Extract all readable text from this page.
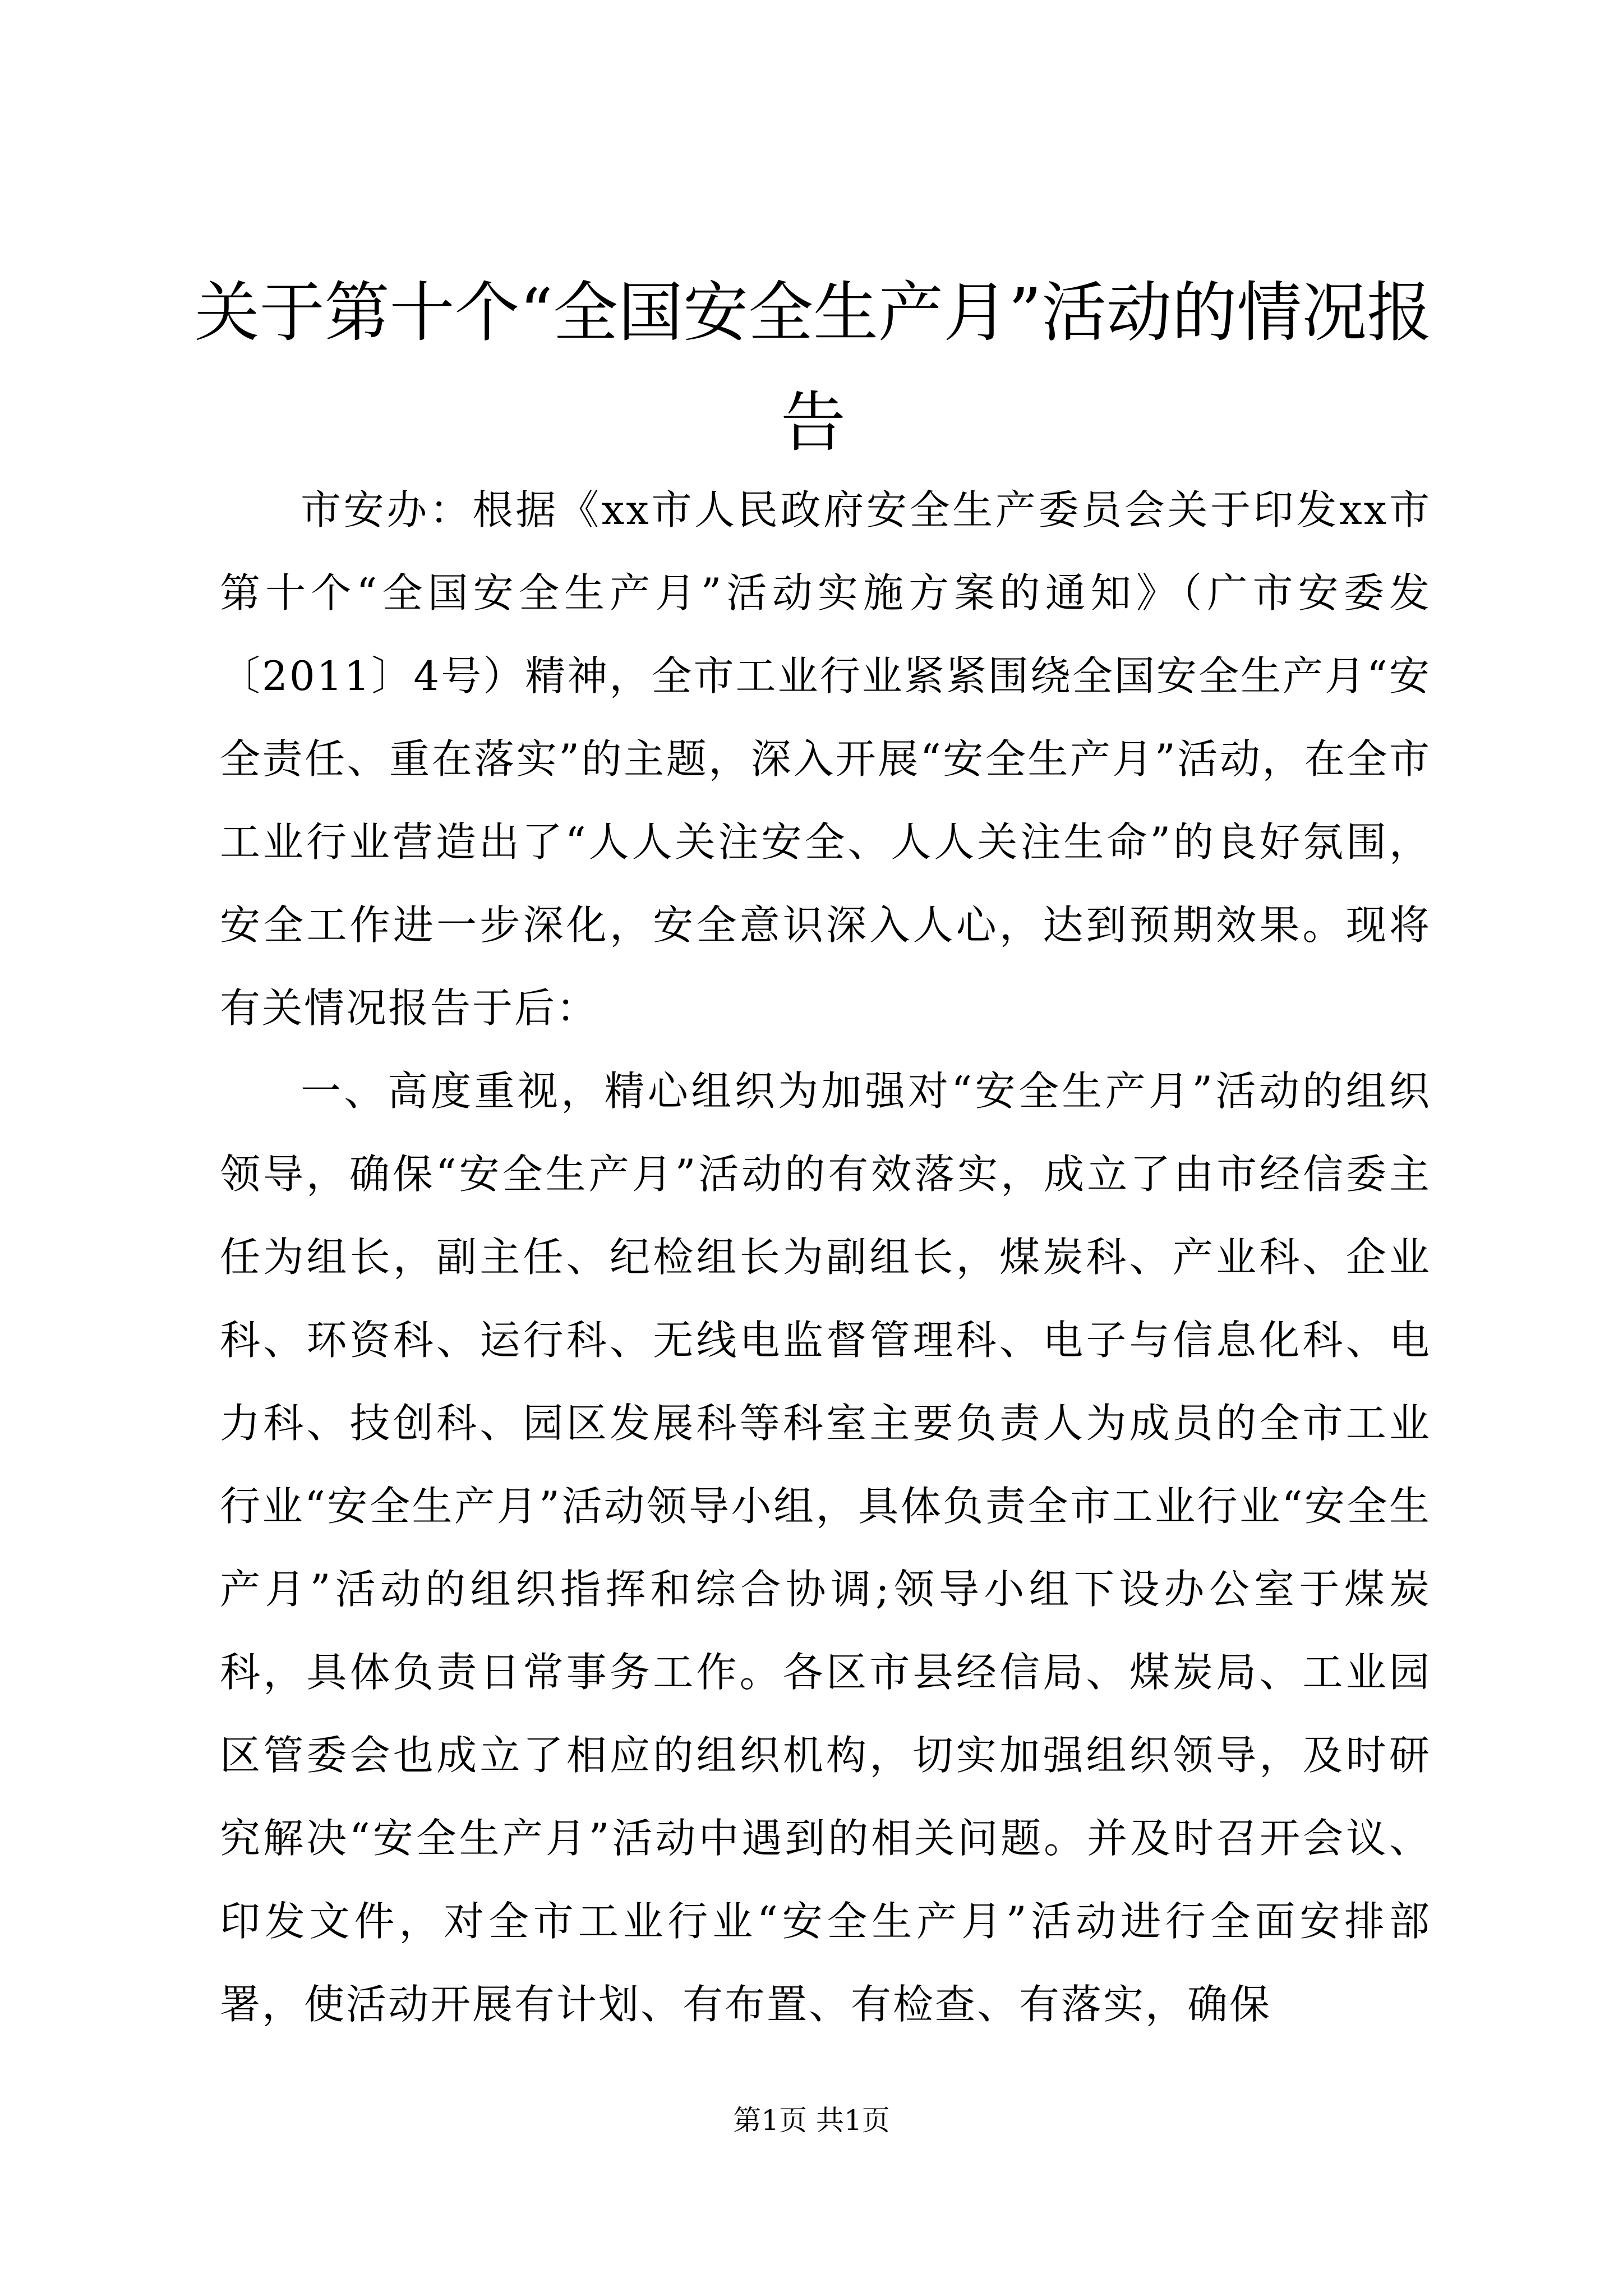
关于第十个“全国安全生产月”活动的情况报告

市安办：根据《xx市人民政府安全生产委员会关于印发xx市第十个“全国安全生产月”活动实施方案的通知》（广市安委发〔2011〕4号）精神，全市工业行业紧紧围绕全国安全生产月“安全责任、重在落实”的主题，深入开展“安全生产月”活动，在全市工业行业营造出了“人人关注安全、人人关注生命”的良好氛围，安全工作进一步深化，安全意识深入人心，达到预期效果。现将有关情况报告于后：

一、高度重视，精心组织为加强对“安全生产月”活动的组织领导，确保“安全生产月”活动的有效落实，成立了由市经信委主任为组长，副主任、纪检组长为副组长，煤炭科、产业科、企业科、环资科、运行科、无线电监督管理科、电子与信息化科、电力科、技创科、园区发展科等科室主要负责人为成员的全市工业行业“安全生产月”活动领导小组，具体负责全市工业行业“安全生产月”活动的组织指挥和综合协调;领导小组下设办公室于煤炭科，具体负责日常事务工作。各区市县经信局、煤炭局、工业园区管委会也成立了相应的组织机构，切实加强组织领导，及时研究解决“安全生产月”活动中遇到的相关问题。并及时召开会议、印发文件，对全市工业行业“安全生产月”活动进行全面安排部署，使活动开展有计划、有布置、有检查、有落实，确保

第1页 共1页
